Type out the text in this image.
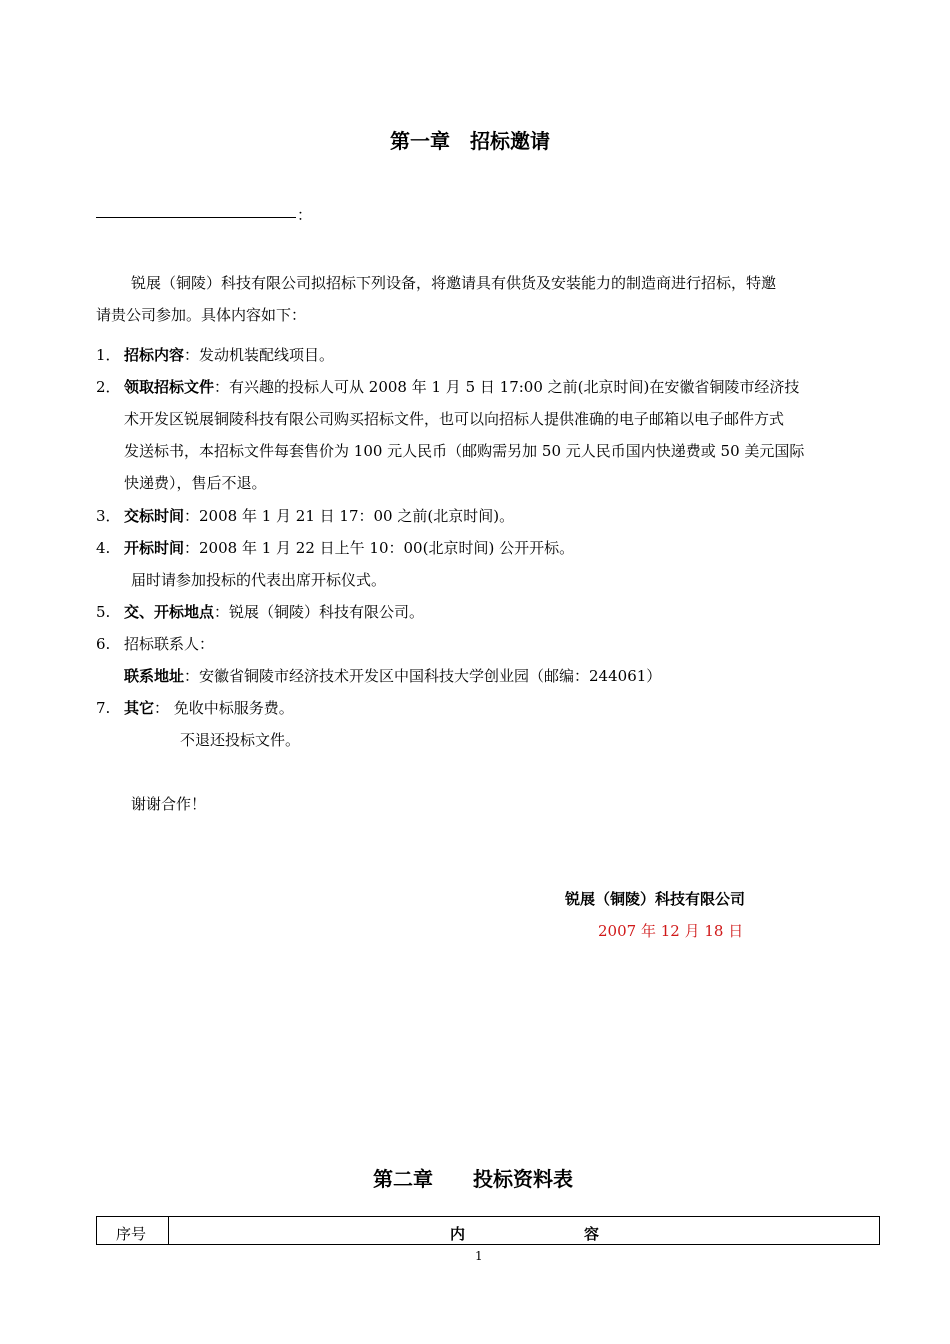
第一章　招标邀请
：
锐展（铜陵）科技有限公司拟招标下列设备，将邀请具有供货及安装能力的制造商进行招标，特邀
请贵公司参加。具体内容如下：
1． 招标内容：发动机装配线项目。
2． 领取招标文件：有兴趣的投标人可从 2008 年 1 月 5 日 17:00 之前(北京时间)在安徽省铜陵市经济技
术开发区锐展铜陵科技有限公司购买招标文件，也可以向招标人提供准确的电子邮箱以电子邮件方式
发送标书，本招标文件每套售价为 100 元人民币（邮购需另加 50 元人民币国内快递费或 50 美元国际
快递费），售后不退。
3． 交标时间：2008 年 1 月 21 日 17：00 之前(北京时间)。
4. 开标时间：2008 年 1 月 22 日上午 10：00(北京时间) 公开开标。
届时请参加投标的代表出席开标仪式。
5. 交、开标地点：锐展（铜陵）科技有限公司。
6. 招标联系人：
联系地址：安徽省铜陵市经济技术开发区中国科技大学创业园（邮编：244061）
7. 其它： 免收中标服务费。
不退还投标文件。
谢谢合作！
锐展（铜陵）科技有限公司
2007 年 12 月 18 日
第二章　　投标资料表
序号	内	容
1
